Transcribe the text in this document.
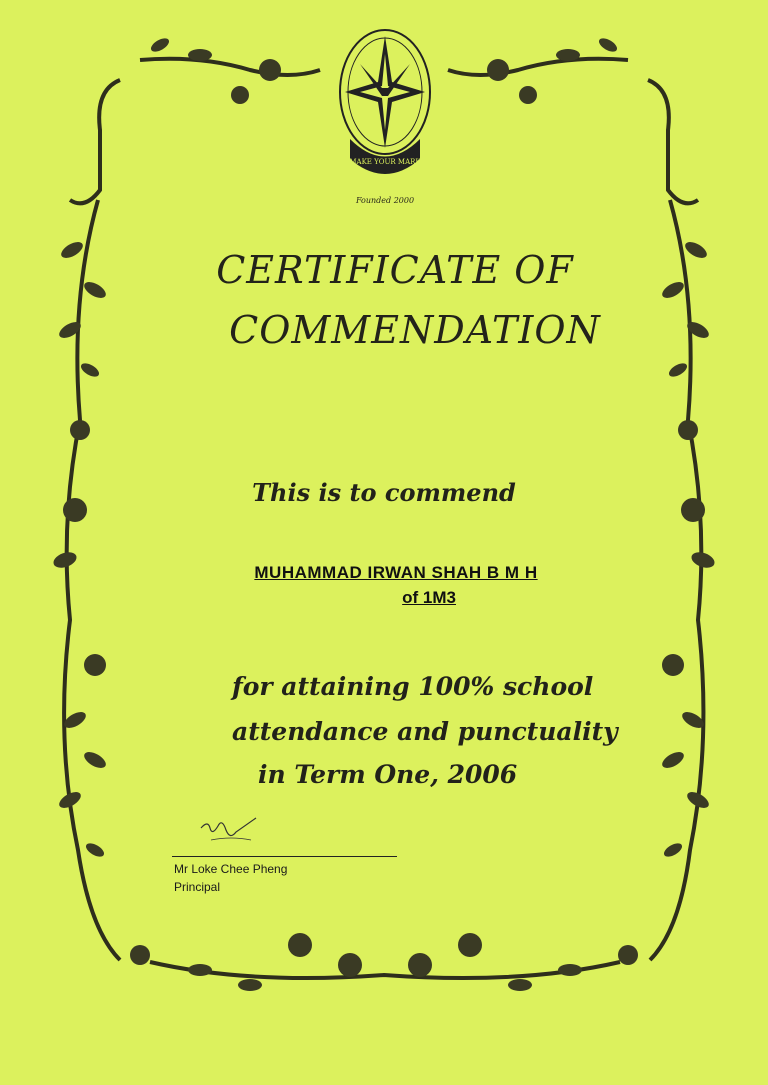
MAKE YOUR MARK
Founded 2000
CERTIFICATE OF
COMMENDATION
This is to commend
MUHAMMAD IRWAN SHAH B M H
of 1M3
for attaining 100% school
attendance and punctuality
in Term One, 2006
Mr Loke Chee Pheng
Principal
